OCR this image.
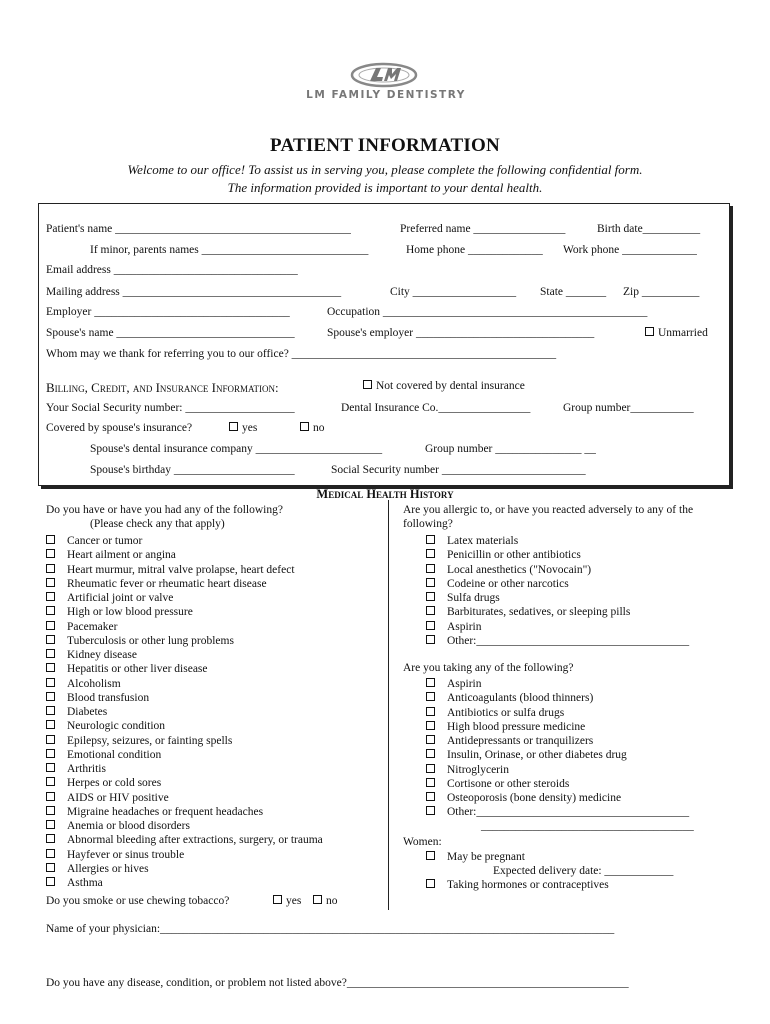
LM FAMILY DENTISTRY
PATIENT INFORMATION
Welcome to our office! To assist us in serving you, please complete the following confidential form.
The information provided is important to your dental health.
Patient's name _________________________________________	Preferred name ________________	Birth date__________
If minor, parents names _____________________________	Home phone _____________ Work phone _____________
Email address ________________________________
Mailing address ______________________________________	City __________________ State _______ Zip __________
Employer __________________________________	Occupation ______________________________________________
Spouse's name _______________________________	Spouse's employer _______________________________	Unmarried
Whom may we thank for referring you to our office? ______________________________________________
Billing, Credit, and Insurance Information:	Not covered by dental insurance
Your Social Security number: ___________________	Dental Insurance Co.________________	Group number___________
Covered by spouse's insurance?	yes	no
Spouse's dental insurance company ______________________	Group number _______________ __
Spouse's birthday _____________________	Social Security number _________________________
Medical Health History
Do you have or have you had any of the following?
(Please check any that apply)
Cancer or tumor
Heart ailment or angina
Heart murmur, mitral valve prolapse, heart defect
Rheumatic fever or rheumatic heart disease
Artificial joint or valve
High or low blood pressure
Pacemaker
Tuberculosis or other lung problems
Kidney disease
Hepatitis or other liver disease
Alcoholism
Blood transfusion
Diabetes
Neurologic condition
Epilepsy, seizures, or fainting spells
Emotional condition
Arthritis
Herpes or cold sores
AIDS or HIV positive
Migraine headaches or frequent headaches
Anemia or blood disorders
Abnormal bleeding after extractions, surgery, or trauma
Hayfever or sinus trouble
Allergies or hives
Asthma
Do you smoke or use chewing tobacco?	yes	no
Are you allergic to, or have you reacted adversely to any of the
following?
Latex materials
Penicillin or other antibiotics
Local anesthetics ("Novocain")
Codeine or other narcotics
Sulfa drugs
Barbiturates, sedatives, or sleeping pills
Aspirin
Other:_____________________________________
Are you taking any of the following?
Aspirin
Anticoagulants (blood thinners)
Antibiotics or sulfa drugs
High blood pressure medicine
Antidepressants or tranquilizers
Insulin, Orinase, or other diabetes drug
Nitroglycerin
Cortisone or other steroids
Osteoporosis (bone density) medicine
Other:_____________________________________
_____________________________________
Women:
May be pregnant
Expected delivery date: ____________
Taking hormones or contraceptives
Name of your physician:_______________________________________________________________________________
Do you have any disease, condition, or problem not listed above?_________________________________________________
